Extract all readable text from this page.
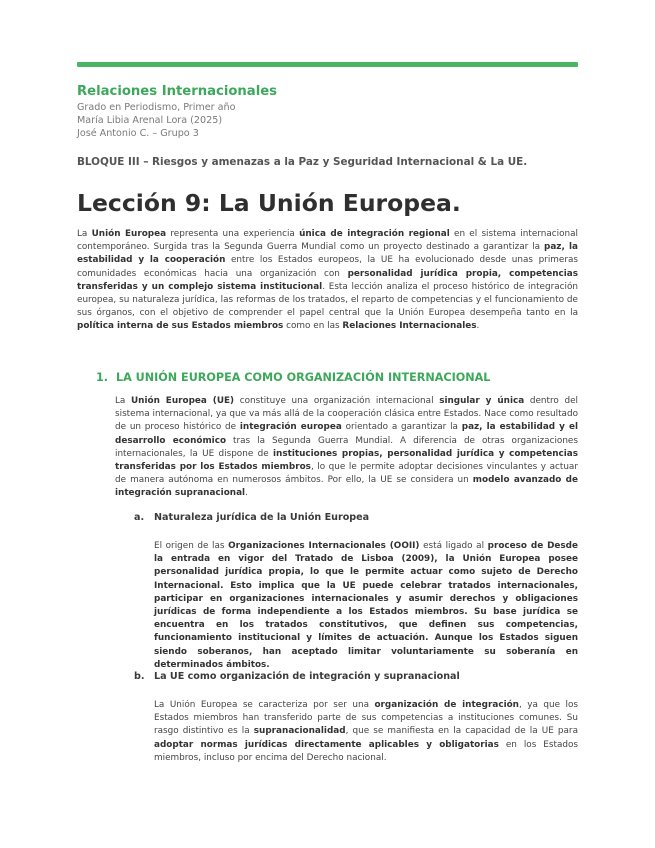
Relaciones Internacionales
Grado en Periodismo, Primer año
María Libia Arenal Lora (2025)
José Antonio C. – Grupo 3
BLOQUE III – Riesgos y amenazas a la Paz y Seguridad Internacional & La UE.
Lección 9: La Unión Europea.

La Unión Europea representa una experiencia única de integración regional en el sistema internacional contemporáneo. Surgida tras la Segunda Guerra Mundial como un proyecto destinado a garantizar la paz, la estabilidad y la cooperación entre los Estados europeos, la UE ha evolucionado desde unas primeras comunidades económicas hacia una organización con personalidad jurídica propia, competencias transferidas y un complejo sistema institucional. Esta lección analiza el proceso histórico de integración europea, su naturaleza jurídica, las reformas de los tratados, el reparto de competencias y el funcionamiento de sus órganos, con el objetivo de comprender el papel central que la Unión Europea desempeña tanto en la política interna de sus Estados miembros como en las Relaciones Internacionales.

1. LA UNIÓN EUROPEA COMO ORGANIZACIÓN INTERNACIONAL

La Unión Europea (UE) constituye una organización internacional singular y única dentro del sistema internacional, ya que va más allá de la cooperación clásica entre Estados. Nace como resultado de un proceso histórico de integración europea orientado a garantizar la paz, la estabilidad y el desarrollo económico tras la Segunda Guerra Mundial. A diferencia de otras organizaciones internacionales, la UE dispone de instituciones propias, personalidad jurídica y competencias transferidas por los Estados miembros, lo que le permite adoptar decisiones vinculantes y actuar de manera autónoma en numerosos ámbitos. Por ello, la UE se considera un modelo avanzado de integración supranacional.

a. Naturaleza jurídica de la Unión Europea

El origen de las Organizaciones Internacionales (OOII) está ligado al proceso de Desde la entrada en vigor del Tratado de Lisboa (2009), la Unión Europea posee personalidad jurídica propia, lo que le permite actuar como sujeto de Derecho Internacional. Esto implica que la UE puede celebrar tratados internacionales, participar en organizaciones internacionales y asumir derechos y obligaciones jurídicas de forma independiente a los Estados miembros. Su base jurídica se encuentra en los tratados constitutivos, que definen sus competencias, funcionamiento institucional y límites de actuación. Aunque los Estados siguen siendo soberanos, han aceptado limitar voluntariamente su soberanía en determinados ámbitos.

b. La UE como organización de integración y supranacional

La Unión Europea se caracteriza por ser una organización de integración, ya que los Estados miembros han transferido parte de sus competencias a instituciones comunes. Su rasgo distintivo es la supranacionalidad, que se manifiesta en la capacidad de la UE para adoptar normas jurídicas directamente aplicables y obligatorias en los Estados miembros, incluso por encima del Derecho nacional.
